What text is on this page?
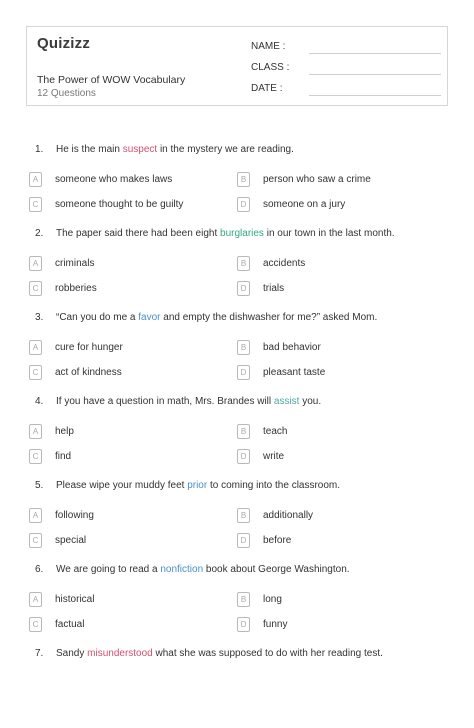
Quizizz
The Power of WOW Vocabulary
12 Questions
NAME :
CLASS :
DATE :
1. He is the main suspect in the mystery we are reading.
A	someone who makes laws	B	person who saw a crime
C	someone thought to be guilty	D	someone on a jury
2. The paper said there had been eight burglaries in our town in the last month.
A	criminals	B	accidents
C	robberies	D	trials
3. “Can you do me a favor and empty the dishwasher for me?” asked Mom.
A	cure for hunger	B	bad behavior
C	act of kindness	D	pleasant taste
4. If you have a question in math, Mrs. Brandes will assist you.
A	help	B	teach
C	find	D	write
5. Please wipe your muddy feet prior to coming into the classroom.
A	following	B	additionally
C	special	D	before
6. We are going to read a nonfiction book about George Washington.
A	historical	B	long
C	factual	D	funny
7. Sandy misunderstood what she was supposed to do with her reading test.
